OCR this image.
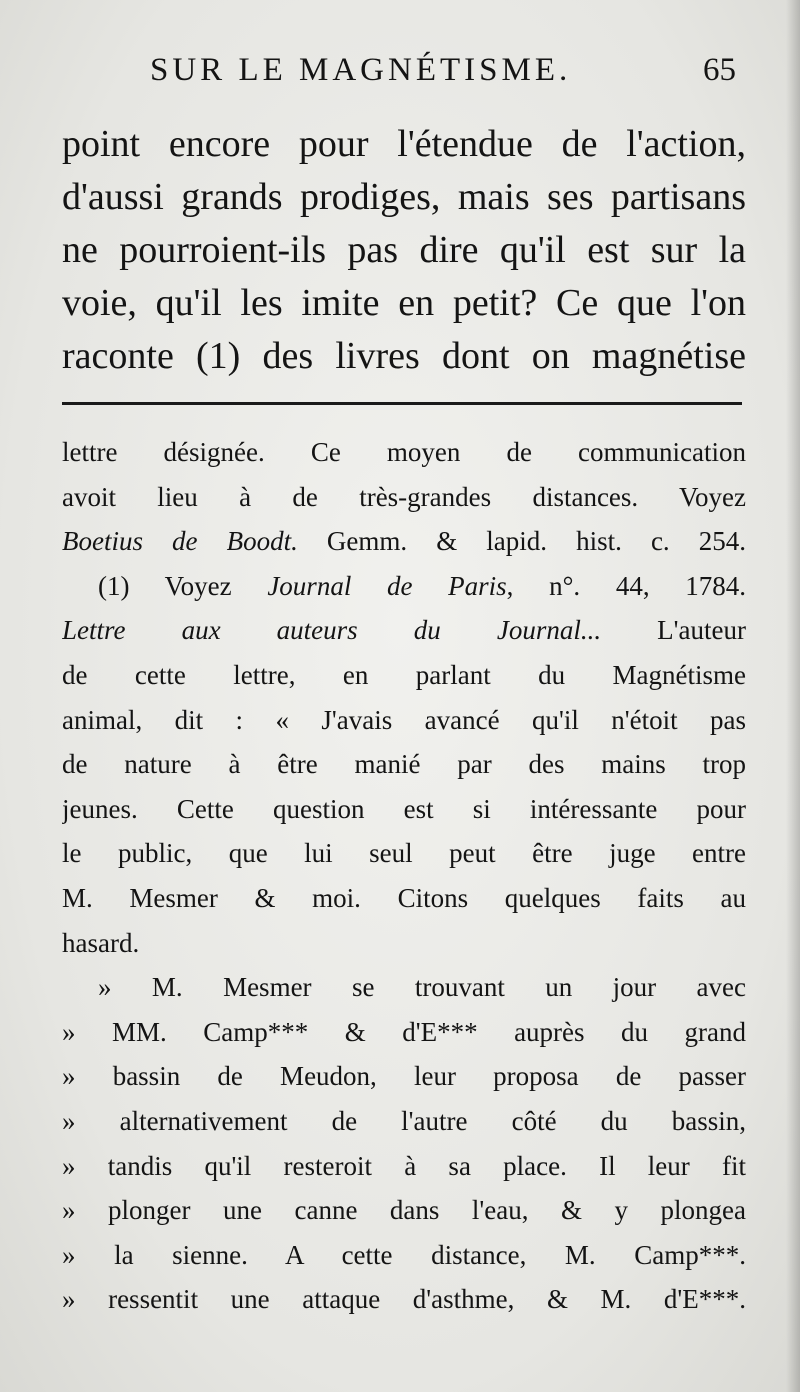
SUR LE MAGNÉTISME.	65
point encore pour l'étendue de l'action,
d'aussi grands prodiges, mais ses partisans
ne pourroient-ils pas dire qu'il est sur la
voie, qu'il les imite en petit? Ce que l'on
raconte (1) des livres dont on magnétise
lettre désignée. Ce moyen de communication
avoit lieu à de très-grandes distances. Voyez
Boetius de Boodt. Gemm. & lapid. hist. c. 254.
(1) Voyez Journal de Paris, n°. 44, 1784.
Lettre aux auteurs du Journal... L'auteur
de cette lettre, en parlant du Magnétisme
animal, dit : « J'avais avancé qu'il n'étoit pas
de nature à être manié par des mains trop
jeunes. Cette question est si intéressante pour
le public, que lui seul peut être juge entre
M. Mesmer & moi. Citons quelques faits au
hasard.
» M. Mesmer se trouvant un jour avec
» MM. Camp*** & d'E*** auprès du grand
» bassin de Meudon, leur proposa de passer
» alternativement de l'autre côté du bassin,
» tandis qu'il resteroit à sa place. Il leur fit
» plonger une canne dans l'eau, & y plongea
» la sienne. A cette distance, M. Camp***.
» ressentit une attaque d'asthme, & M. d'E***.
